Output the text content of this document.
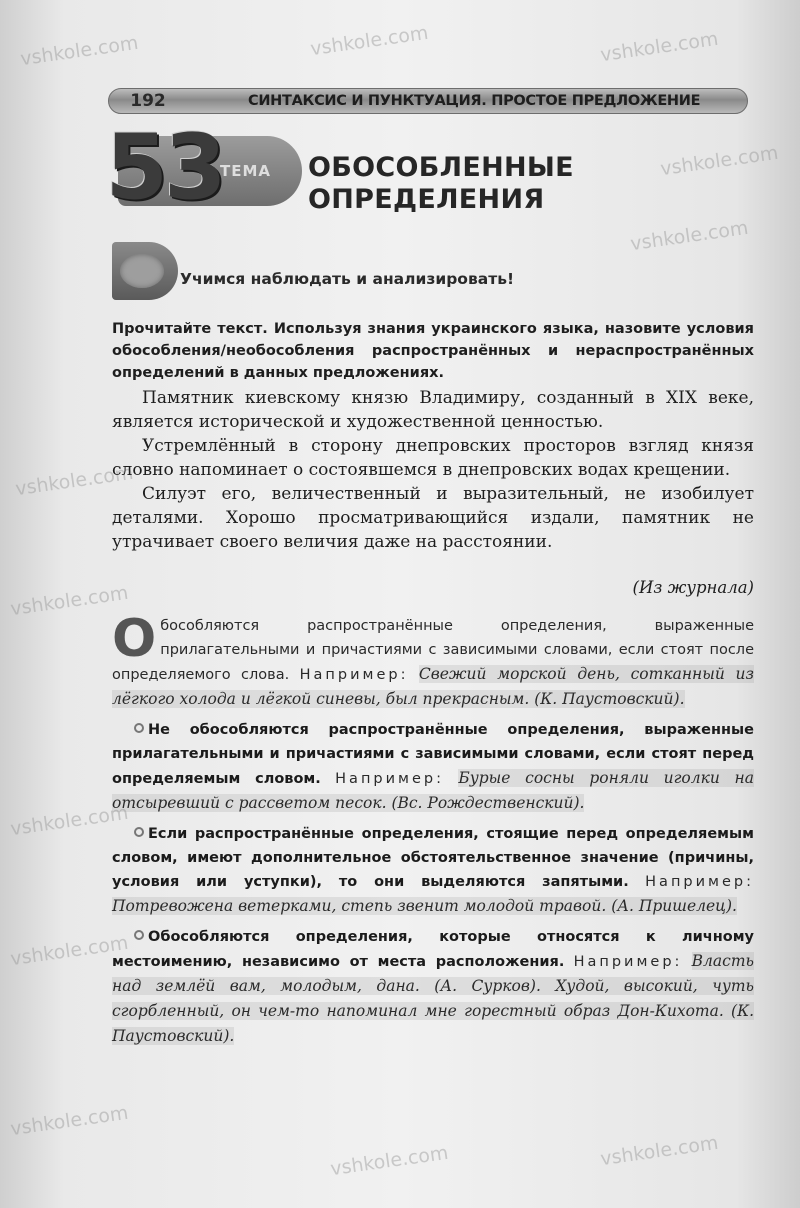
vshkole.com	vshkole.com	vshkole.com
vshkole.com
vshkole.com
vshkole.com
vshkole.com
vshkole.com
vshkole.com
vshkole.com
vshkole.com	vshkole.com
192	СИНТАКСИС И ПУНКТУАЦИЯ. ПРОСТОЕ ПРЕДЛОЖЕНИЕ
53
ТЕМА ОБОСОБЛЕННЫЕ
ОПРЕДЕЛЕНИЯ
Учимся наблюдать и анализировать!
Прочитайте текст. Используя знания украинского языка, назовите условия обособления/необособления распространённых и нераспространённых определений в данных предложениях.

Памятник киевскому князю Владимиру, созданный в XIX веке, является исторической и художественной ценностью.

Устремлённый в сторону днепровских просторов взгляд князя словно напоминает о состоявшемся в днепровских водах крещении.

Силуэт его, величественный и выразительный, не изобилует деталями. Хорошо просматривающийся издали, памятник не утрачивает своего величия даже на расстоянии.

(Из журнала)

Обособляются распространённые определения, выраженные прилагательными и причастиями с зависимыми словами, если стоят после определяемого слова. Например: Свежий морской день, сотканный из лёгкого холода и лёгкой синевы, был прекрасным. (К. Паустовский).

Не обособляются распространённые определения, выраженные прилагательными и причастиями с зависимыми словами, если стоят перед определяемым словом. Например: Бурые сосны роняли иголки на отсыревший с рассветом песок. (Вс. Рождественский).

Если распространённые определения, стоящие перед определяемым словом, имеют дополнительное обстоятельственное значение (причины, условия или уступки), то они выделяются запятыми. Например: Потревожена ветерками, степь звенит молодой травой. (А. Пришелец).

Обособляются определения, которые относятся к личному местоимению, независимо от места расположения. Например: Власть над землёй вам, молодым, дана. (А. Сурков). Худой, высокий, чуть сгорбленный, он чем-то напоминал мне горестный образ Дон-Кихота. (К. Паустовский).
